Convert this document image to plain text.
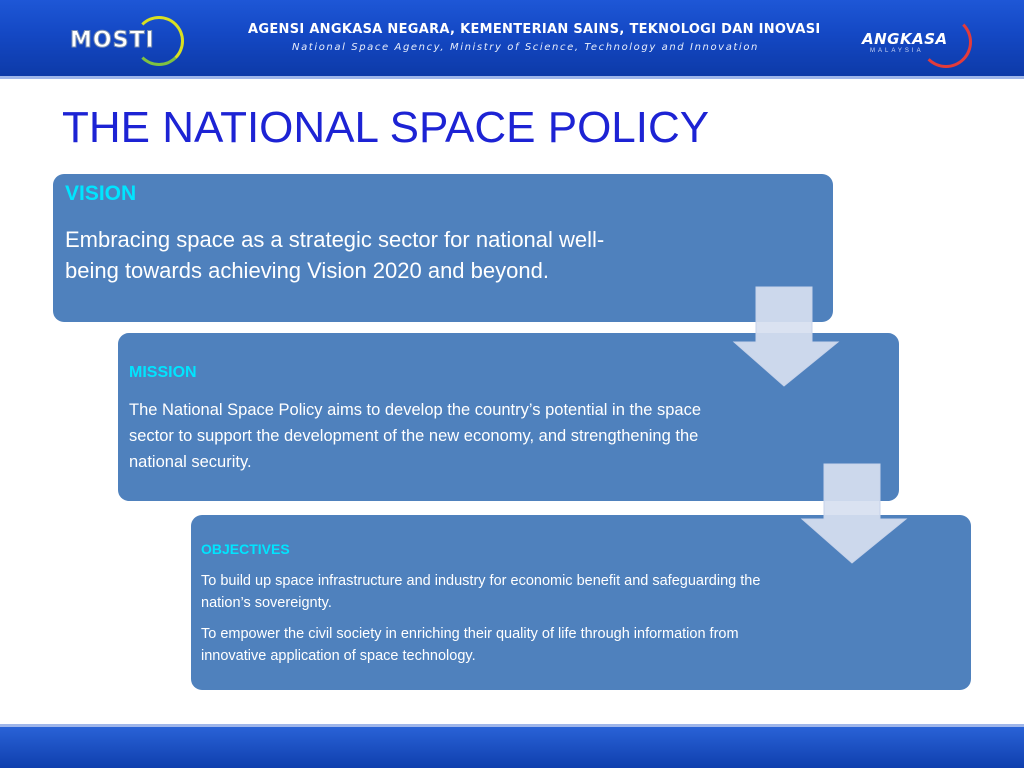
MOSTI	AGENSI ANGKASA NEGARA, KEMENTERIAN SAINS, TEKNOLOGI DAN INOVASI
National Space Agency, Ministry of Science, Technology and Innovation	ANGKASA
MALAYSIA
THE NATIONAL SPACE POLICY
VISION
Embracing space as a strategic sector for national well-being towards achieving Vision 2020 and beyond.
MISSION
The National Space Policy aims to develop the country’s potential in the space sector to support the development of the new economy, and strengthening the national security.
OBJECTIVES
To build up space infrastructure and industry for economic benefit and safeguarding the nation’s sovereignty.
To empower the civil society in enriching their quality of life through information from innovative application of space technology.
